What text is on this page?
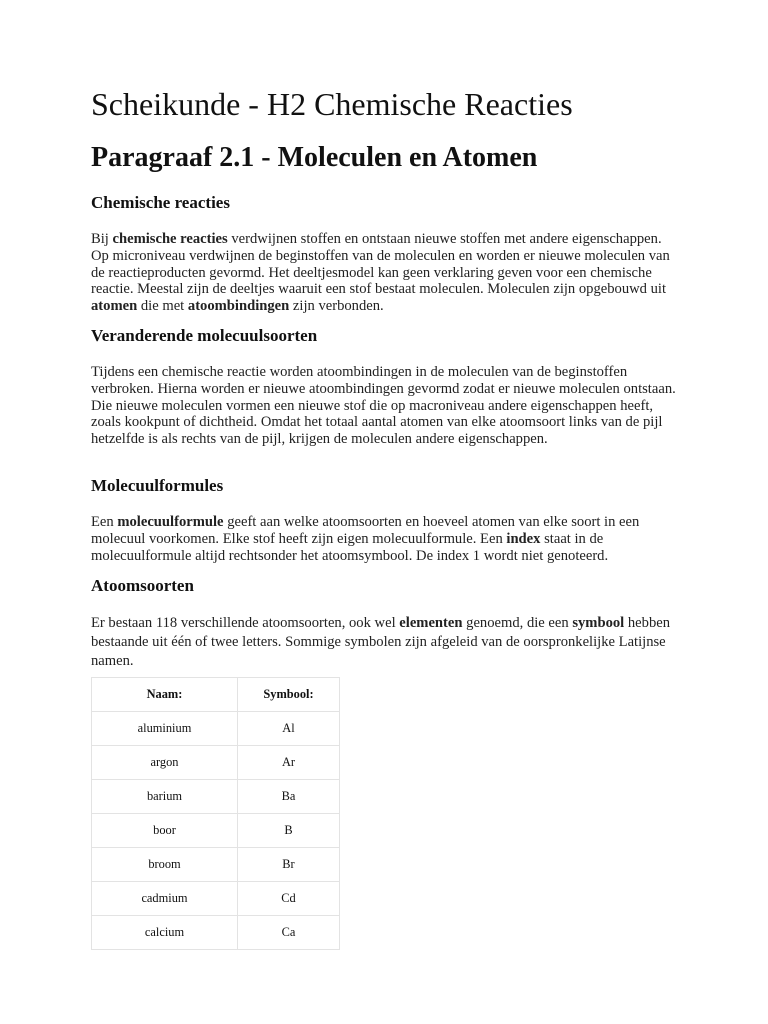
Scheikunde - H2 Chemische Reacties
Paragraaf 2.1 - Moleculen en Atomen
Chemische reacties

Bij chemische reacties verdwijnen stoffen en ontstaan nieuwe stoffen met andere eigenschappen. Op microniveau verdwijnen de beginstoffen van de moleculen en worden er nieuwe moleculen van de reactieproducten gevormd. Het deeltjesmodel kan geen verklaring geven voor een chemische reactie. Meestal zijn de deeltjes waaruit een stof bestaat moleculen. Moleculen zijn opgebouwd uit atomen die met atoombindingen zijn verbonden.

Veranderende molecuulsoorten

Tijdens een chemische reactie worden atoombindingen in de moleculen van de beginstoffen verbroken. Hierna worden er nieuwe atoombindingen gevormd zodat er nieuwe moleculen ontstaan. Die nieuwe moleculen vormen een nieuwe stof die op macroniveau andere eigenschappen heeft, zoals kookpunt of dichtheid. Omdat het totaal aantal atomen van elke atoomsoort links van de pijl hetzelfde is als rechts van de pijl, krijgen de moleculen andere eigenschappen.

Molecuulformules

Een molecuulformule geeft aan welke atoomsoorten en hoeveel atomen van elke soort in een molecuul voorkomen. Elke stof heeft zijn eigen molecuulformule. Een index staat in de molecuulformule altijd rechtsonder het atoomsymbool. De index 1 wordt niet genoteerd.

Atoomsoorten

Er bestaan 118 verschillende atoomsoorten, ook wel elementen genoemd, die een symbool hebben bestaande uit één of twee letters. Sommige symbolen zijn afgeleid van de oorspronkelijke Latijnse namen.

Naam:	Symbool:
aluminium	Al
argon	Ar
barium	Ba
boor	B
broom	Br
cadmium	Cd
calcium	Ca
